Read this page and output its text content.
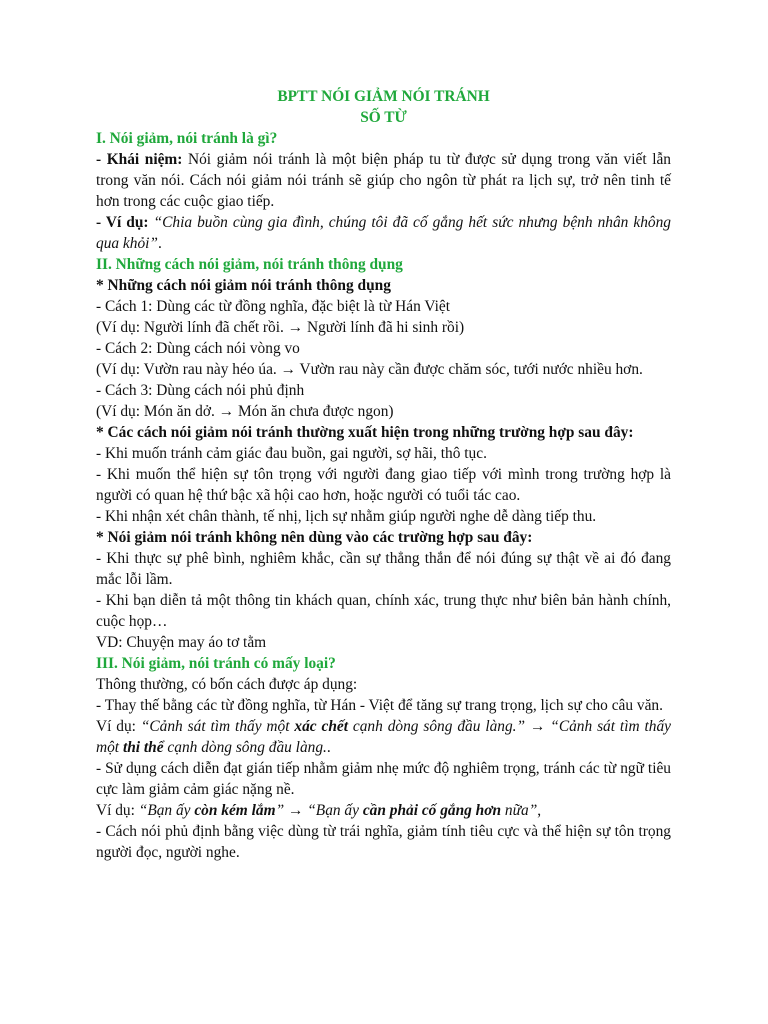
BPTT NÓI GIẢM NÓI TRÁNH

SỐ TỪ

I. Nói giảm, nói tránh là gì?

- Khái niệm: Nói giảm nói tránh là một biện pháp tu từ được sử dụng trong văn viết lẫn trong văn nói. Cách nói giảm nói tránh sẽ giúp cho ngôn từ phát ra lịch sự, trở nên tinh tế hơn trong các cuộc giao tiếp.

- Ví dụ: “Chia buồn cùng gia đình, chúng tôi đã cố gắng hết sức nhưng bệnh nhân không qua khỏi”.

II. Những cách nói giảm, nói tránh thông dụng

* Những cách nói giảm nói tránh thông dụng

- Cách 1: Dùng các từ đồng nghĩa, đặc biệt là từ Hán Việt

(Ví dụ: Người lính đã chết rồi. → Người lính đã hi sinh rồi)

- Cách 2: Dùng cách nói vòng vo

(Ví dụ: Vườn rau này héo úa. → Vườn rau này cần được chăm sóc, tưới nước nhiều hơn.

- Cách 3: Dùng cách nói phủ định

(Ví dụ: Món ăn dở. → Món ăn chưa được ngon)

* Các cách nói giảm nói tránh thường xuất hiện trong những trường hợp sau đây:

- Khi muốn tránh cảm giác đau buồn, gai người, sợ hãi, thô tục.

- Khi muốn thể hiện sự tôn trọng với người đang giao tiếp với mình trong trường hợp là người có quan hệ thứ bậc xã hội cao hơn, hoặc người có tuổi tác cao.

- Khi nhận xét chân thành, tế nhị, lịch sự nhằm giúp người nghe dễ dàng tiếp thu.

* Nói giảm nói tránh không nên dùng vào các trường hợp sau đây:

- Khi thực sự phê bình, nghiêm khắc, cần sự thẳng thắn để nói đúng sự thật về ai đó đang mắc lỗi lầm.

- Khi bạn diễn tả một thông tin khách quan, chính xác, trung thực như biên bản hành chính, cuộc họp…

VD: Chuyện may áo tơ tằm

III. Nói giảm, nói tránh có mấy loại?

Thông thường, có bốn cách được áp dụng:

- Thay thế bằng các từ đồng nghĩa, từ Hán - Việt để tăng sự trang trọng, lịch sự cho câu văn.

Ví dụ: “Cảnh sát tìm thấy một xác chết cạnh dòng sông đầu làng.” → “Cảnh sát tìm thấy một thi thể cạnh dòng sông đầu làng..

- Sử dụng cách diễn đạt gián tiếp nhằm giảm nhẹ mức độ nghiêm trọng, tránh các từ ngữ tiêu cực làm giảm cảm giác nặng nề.

Ví dụ: “Bạn ấy còn kém lắm” → “Bạn ấy cần phải cố gắng hơn nữa”,

- Cách nói phủ định bằng việc dùng từ trái nghĩa, giảm tính tiêu cực và thể hiện sự tôn trọng người đọc, người nghe.
